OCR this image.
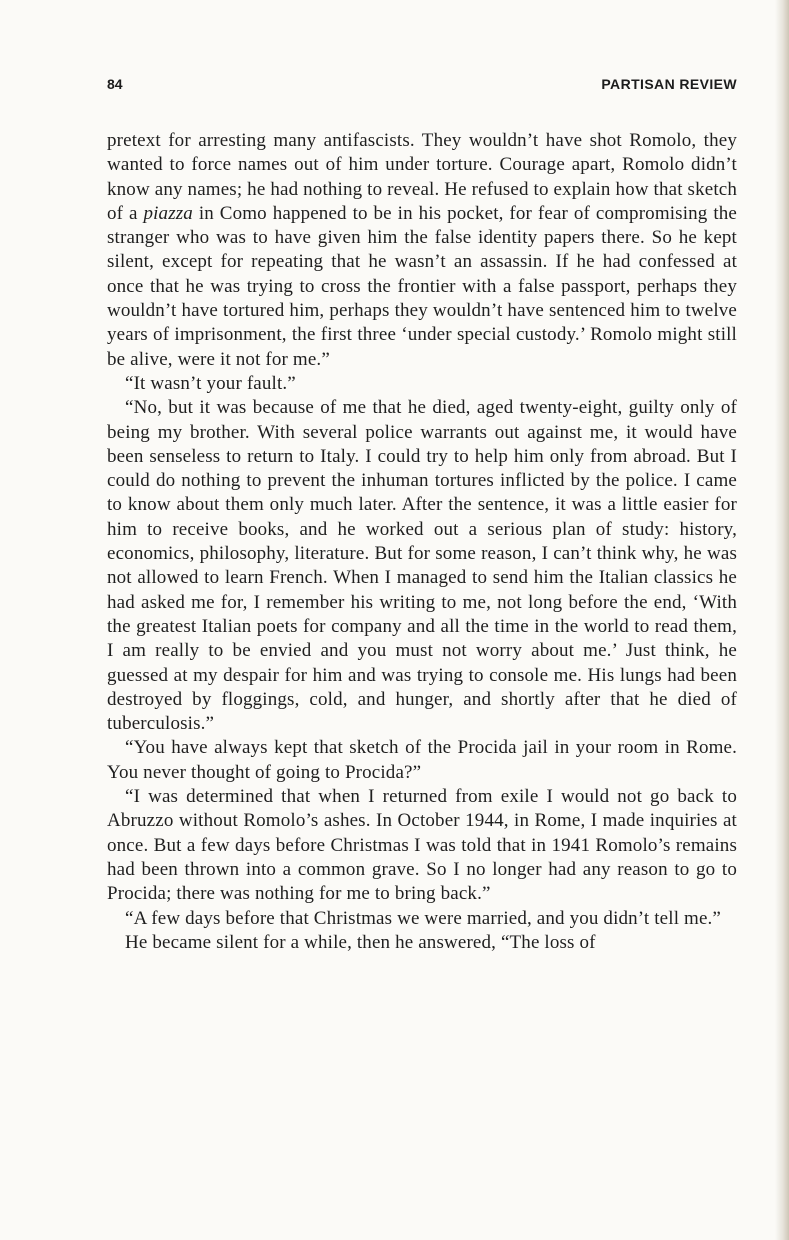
84	PARTISAN REVIEW

pretext for arresting many antifascists. They wouldn’t have shot Romolo, they wanted to force names out of him under torture. Courage apart, Romolo didn’t know any names; he had nothing to reveal. He refused to explain how that sketch of a piazza in Como happened to be in his pocket, for fear of compromising the stranger who was to have given him the false identity papers there. So he kept silent, except for repeating that he wasn’t an assassin. If he had confessed at once that he was trying to cross the frontier with a false passport, perhaps they wouldn’t have tortured him, perhaps they wouldn’t have sentenced him to twelve years of imprisonment, the first three ‘under special custody.’ Romolo might still be alive, were it not for me.”

“It wasn’t your fault.”

“No, but it was because of me that he died, aged twenty-eight, guilty only of being my brother. With several police warrants out against me, it would have been senseless to return to Italy. I could try to help him only from abroad. But I could do nothing to prevent the inhuman tortures inflicted by the police. I came to know about them only much later. After the sentence, it was a little easier for him to receive books, and he worked out a serious plan of study: history, economics, philosophy, literature. But for some reason, I can’t think why, he was not allowed to learn French. When I managed to send him the Italian classics he had asked me for, I remember his writing to me, not long before the end, ‘With the greatest Italian poets for company and all the time in the world to read them, I am really to be envied and you must not worry about me.’ Just think, he guessed at my despair for him and was trying to console me. His lungs had been destroyed by floggings, cold, and hunger, and shortly after that he died of tuberculosis.”

“You have always kept that sketch of the Procida jail in your room in Rome. You never thought of going to Procida?”

“I was determined that when I returned from exile I would not go back to Abruzzo without Romolo’s ashes. In October 1944, in Rome, I made inquiries at once. But a few days before Christmas I was told that in 1941 Romolo’s remains had been thrown into a common grave. So I no longer had any reason to go to Procida; there was nothing for me to bring back.”

“A few days before that Christmas we were married, and you didn’t tell me.”

He became silent for a while, then he answered, “The loss of
